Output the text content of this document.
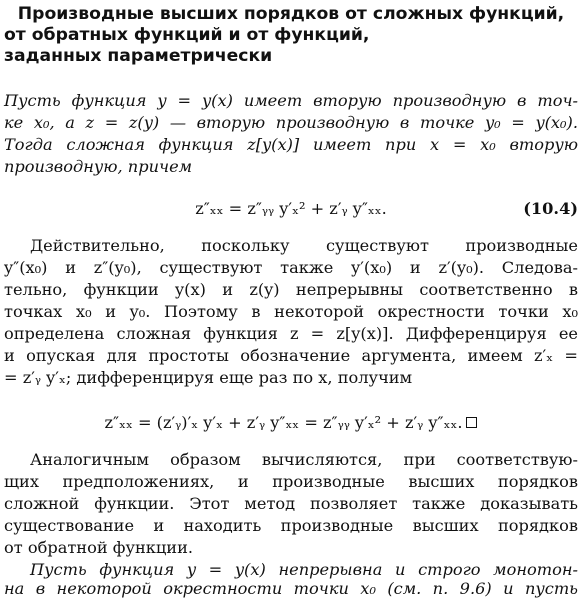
Производные высших порядков от сложных функций,
от обратных функций и от функций,
заданных параметрически
Пусть функция y = y(x) имеет вторую производную в точ-
ке x₀, а z = z(y) — вторую производную в точке y₀ = y(x₀).
Тогда сложная функция z[y(x)] имеет при x = x₀ вторую
производную, причем
z″ₓₓ = z″ᵧᵧ y′ₓ² + z′ᵧ y″ₓₓ.	(10.4)
Действительно, поскольку существуют производные
y″(x₀) и z″(y₀), существуют также y′(x₀) и z′(y₀). Следова-
тельно, функции y(x) и z(y) непрерывны соответственно в
точках x₀ и y₀. Поэтому в некоторой окрестности точки x₀
определена сложная функция z = z[y(x)]. Дифференцируя ее
и опуская для простоты обозначение аргумента, имеем z′ₓ =
= z′ᵧ y′ₓ; дифференцируя еще раз по x, получим
z″ₓₓ = (z′ᵧ)′ₓ y′ₓ + z′ᵧ y″ₓₓ = z″ᵧᵧ y′ₓ² + z′ᵧ y″ₓₓ.
Аналогичным образом вычисляются, при соответствую-
щих предположениях, и производные высших порядков
сложной функции. Этот метод позволяет также доказывать
существование и находить производные высших порядков
от обратной функции.
Пусть функция y = y(x) непрерывна и строго монотон-
на в некоторой окрестности точки x₀ (см. п. 9.6) и пусть
